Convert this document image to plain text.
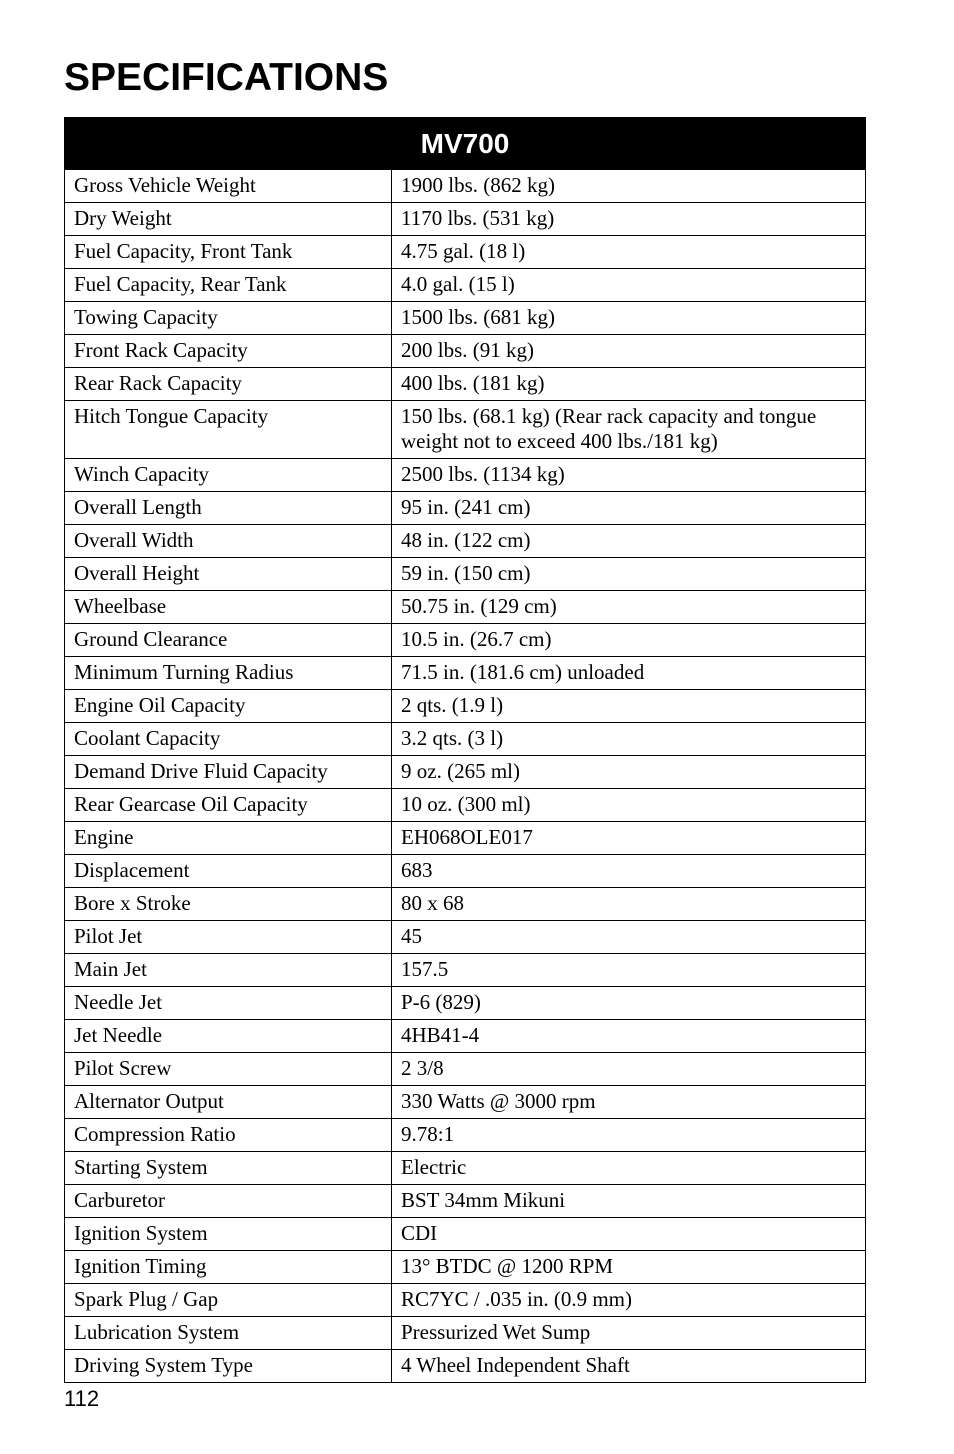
SPECIFICATIONS
MV700	
Gross Vehicle Weight	1900 lbs. (862 kg)
Dry Weight	1170 lbs. (531 kg)
Fuel Capacity, Front Tank	4.75 gal. (18 l)
Fuel Capacity, Rear Tank	4.0 gal. (15 l)
Towing Capacity	1500 lbs. (681 kg)
Front Rack Capacity	200 lbs. (91 kg)
Rear Rack Capacity	400 lbs. (181 kg)
Hitch Tongue Capacity	150 lbs. (68.1 kg) (Rear rack capacity and tongue weight not to exceed 400 lbs./181 kg)
Winch Capacity	2500 lbs. (1134 kg)
Overall Length	95 in. (241 cm)
Overall Width	48 in. (122 cm)
Overall Height	59 in. (150 cm)
Wheelbase	50.75 in. (129 cm)
Ground Clearance	10.5 in. (26.7 cm)
Minimum Turning Radius	71.5 in. (181.6 cm) unloaded
Engine Oil Capacity	2 qts. (1.9 l)
Coolant Capacity	3.2 qts. (3 l)
Demand Drive Fluid Capacity	9 oz. (265 ml)
Rear Gearcase Oil Capacity	10 oz. (300 ml)
Engine	EH068OLE017
Displacement	683
Bore x Stroke	80 x 68
Pilot Jet	45
Main Jet	157.5
Needle Jet	P-6 (829)
Jet Needle	4HB41-4
Pilot Screw	2 3/8
Alternator Output	330 Watts @ 3000 rpm
Compression Ratio	9.78:1
Starting System	Electric
Carburetor	BST 34mm Mikuni
Ignition System	CDI
Ignition Timing	13° BTDC @ 1200 RPM
Spark Plug / Gap	RC7YC / .035 in. (0.9 mm)
Lubrication System	Pressurized Wet Sump
Driving System Type	4 Wheel Independent Shaft
112
